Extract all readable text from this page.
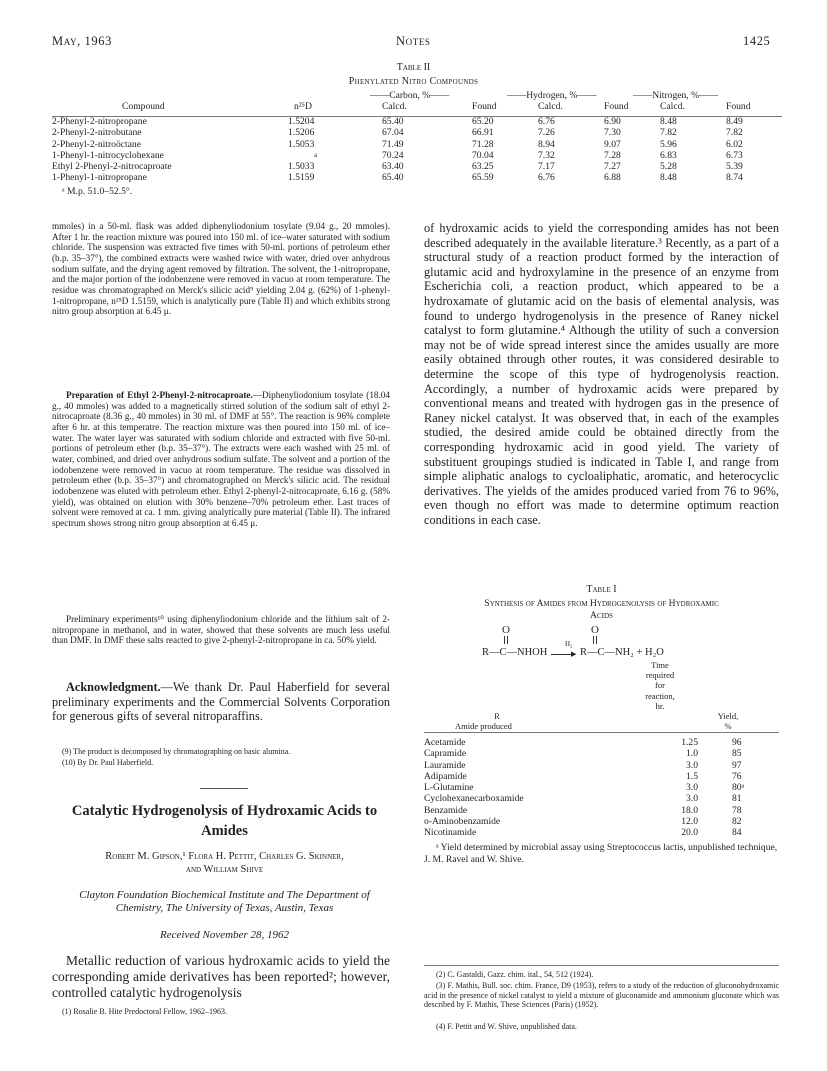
May, 1963	Notes	1425
Table II
Phenylated Nitro Compounds
——Carbon, %——	——Hydrogen, %——	——Nitrogen, %——
Compound	n²⁵D	Calcd.	Found	Calcd.	Found	Calcd.	Found

2-Phenyl-2-nitropropane	1.5204	65.40	65.20	6.76	6.90	8.48	8.49
2-Phenyl-2-nitrobutane	1.5206	67.04	66.91	7.26	7.30	7.82	7.82
2-Phenyl-2-nitroöctane	1.5053	71.49	71.28	8.94	9.07	5.96	6.02
1-Phenyl-1-nitrocyclohexane	a	70.24	70.04	7.32	7.28	6.83	6.73
Ethyl 2-Phenyl-2-nitrocaproate	1.5033	63.40	63.25	7.17	7.27	5.28	5.39
1-Phenyl-1-nitropropane	1.5159	65.40	65.59	6.76	6.88	8.48	8.74
ᵃ M.p. 51.0–52.5°.
mmoles) in a 50-ml. flask was added diphenyliodonium tosylate (9.04 g., 20 mmoles). After 1 hr. the reaction mixture was poured into 150 ml. of ice–water saturated with sodium chloride. The suspension was extracted five times with 50-ml. portions of petroleum ether (b.p. 35–37°), the combined extracts were washed twice with water, dried over anhydrous sodium sulfate, and the drying agent removed by filtration. The solvent, the 1-nitropropane, and the major portion of the iodobenzene were removed in vacuo at room temperature. The residue was chromatographed on Merck's silicic acid⁹ yielding 2.04 g. (62%) of 1-phenyl-1-nitropropane, n²⁵D 1.5159, which is analytically pure (Table II) and which exhibits strong nitro group absorption at 6.45 μ.
Preparation of Ethyl 2-Phenyl-2-nitrocaproate.—Diphenyliodonium tosylate (18.04 g., 40 mmoles) was added to a magnetically stirred solution of the sodium salt of ethyl 2-nitrocaproate (8.36 g., 40 mmoles) in 30 ml. of DMF at 55°. The reaction is 96% complete after 6 hr. at this temperatre. The reaction mixture was then poured into 150 ml. of ice–water. The water layer was saturated with sodium chloride and extracted with five 50-ml. portions of petroleum ether (b.p. 35–37°). The extracts were each washed with 25 ml. of water, combined, and dried over anhydrous sodium sulfate. The solvent and a portion of the iodobenzene were removed in vacuo at room temperature. The residue was dissolved in petroleum ether (b.p. 35–37°) and chromatographed on Merck's silicic acid. The residual iodobenzene was eluted with petroleum ether. Ethyl 2-phenyl-2-nitrocaproate, 6.16 g. (58% yield), was obtained on elution with 30% benzene–70% petroleum ether. Last traces of solvent were removed at ca. 1 mm. giving analytically pure material (Table II). The infrared spectrum shows strong nitro group absorption at 6.45 μ.
Preliminary experiments¹⁰ using diphenyliodonium chloride and the lithium salt of 2-nitropropane in methanol, and in water, showed that these solvents are much less useful than DMF. In DMF these salts reacted to give 2-phenyl-2-nitropropane in ca. 50% yield.
Acknowledgment.—We thank Dr. Paul Haberfield for several preliminary experiments and the Commercial Solvents Corporation for generous gifts of several nitroparaffins.
(9) The product is decomposed by chromatographing on basic alumina.
(10) By Dr. Paul Haberfield.
Catalytic Hydrogenolysis of Hydroxamic Acids to
Amides
Robert M. Gipson,¹ Flora H. Pettit, Charles G. Skinner,
and William Shive
Clayton Foundation Biochemical Institute and The Department of
Chemistry, The University of Texas, Austin, Texas
Received November 28, 1962
Metallic reduction of various hydroxamic acids to yield the corresponding amide derivatives has been reported²; however, controlled catalytic hydrogenolysis
(1) Rosalie B. Hite Predoctoral Fellow, 1962–1963.
of hydroxamic acids to yield the corresponding amides has not been described adequately in the available literature.³ Recently, as a part of a structural study of a reaction product formed by the interaction of glutamic acid and hydroxylamine in the presence of an enzyme from Escherichia coli, a reaction product, which appeared to be a hydroxamate of glutamic acid on the basis of elemental analysis, was found to undergo hydrogenolysis in the presence of Raney nickel catalyst to form glutamine.⁴ Although the utility of such a conversion may not be of wide spread interest since the amides usually are more easily obtained through other routes, it was considered desirable to determine the scope of this type of hydrogenolysis reaction. Accordingly, a number of hydroxamic acids were prepared by conventional means and treated with hydrogen gas in the presence of Raney nickel catalyst. It was observed that, in each of the examples studied, the desired amide could be obtained directly from the corresponding hydroxamic acid in good yield. The variety of substituent groupings studied is indicated in Table I, and range from simple aliphatic analogs to cycloaliphatic, aromatic, and heterocyclic derivatives. The yields of the amides produced varied from 76 to 96%, even though no effort was made to determine optimum reaction conditions in each case.
Table I
Synthesis of Amides from Hydrogenolysis of Hydroxamic
Acids
O	O
R—C—NHOH
H₂
▶ R—C—NH₂ + H₂O
Time
required
for
reaction,
hr.
R
Amide produced
Yield,
%
Acetamide	1.25	96
Capramide	1.0	85
Lauramide	3.0	97
Adipamide	1.5	76
L-Glutamine	3.0	80ᵃ
Cyclohexanecarboxamide	3.0	81
Benzamide	18.0	78
o-Aminobenzamide	12.0	82
Nicotinamide	20.0	84
ᵃ Yield determined by microbial assay using Streptococcus lactis, unpublished technique, J. M. Ravel and W. Shive.
(2) C. Gastaldi, Gazz. chim. ital., 54, 512 (1924).
(3) F. Mathis, Bull. soc. chim. France, D9 (1953), refers to a study of the reduction of gluconohydroxamic acid in the presence of nickel catalyst to yield a mixture of gluconamide and ammonium gluconate which was described by F. Mathis, These Sciences (Paris) (1952).
(4) F. Pettit and W. Shive, unpublished data.
